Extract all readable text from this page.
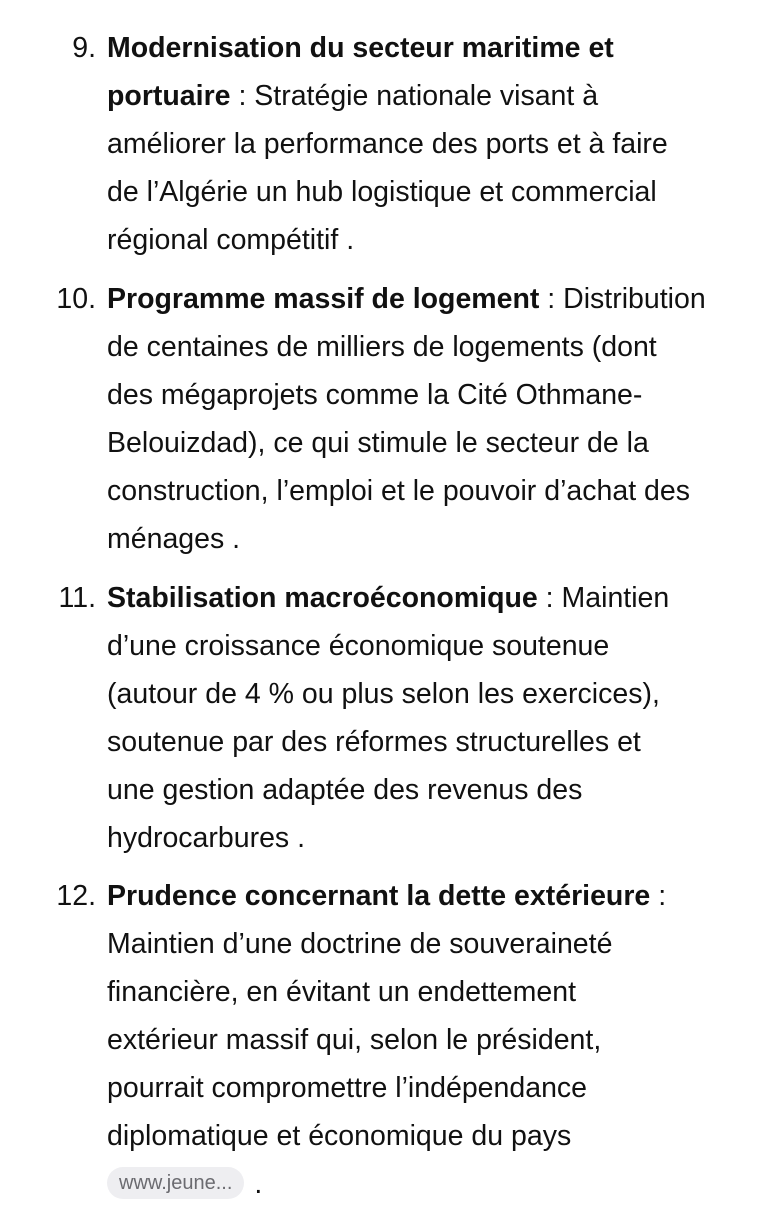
9. Modernisation du secteur maritime et
portuaire : Stratégie nationale visant à
améliorer la performance des ports et à faire
de l’Algérie un hub logistique et commercial
régional compétitif .
10. Programme massif de logement : Distribution
de centaines de milliers de logements (dont
des mégaprojets comme la Cité Othmane-
Belouizdad), ce qui stimule le secteur de la
construction, l’emploi et le pouvoir d’achat des
ménages .
11. Stabilisation macroéconomique : Maintien
d’une croissance économique soutenue
(autour de 4 % ou plus selon les exercices),
soutenue par des réformes structurelles et
une gestion adaptée des revenus des
hydrocarbures .
12. Prudence concernant la dette extérieure :
Maintien d’une doctrine de souveraineté
financière, en évitant un endettement
extérieur massif qui, selon le président,
pourrait compromettre l’indépendance
diplomatique et économique du pays
www.jeune... .
